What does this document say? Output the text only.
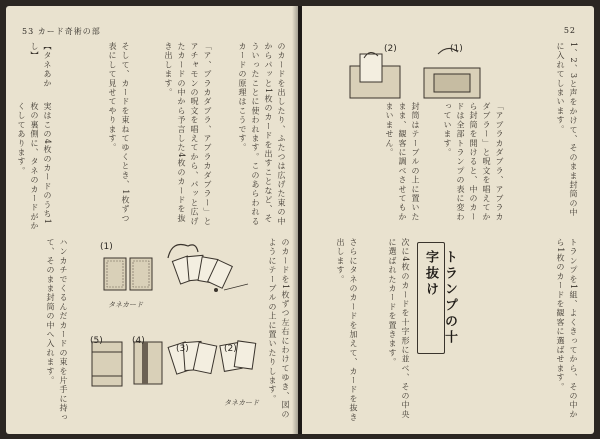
53 カード奇術の部
のカードを出したり、ふたつは広げた束の中からパッと1枚のカードを出すことなど、そういったことに使われます。このあらわれるカードの原理はこうです。
「ア、ブラカダブラ、アブラカダブラー」とアチャモンの呪文を唱えてから、パッと広げたカードの中から予言した4枚のカードを抜き出します。
そして、カードを束ねてゆくとき、1枚ずつ表にして見せてやります。
【タネあかし】
実はこの4枚のカードのうち1枚の裏側に、タネのカードがかくしてあります。
(1)
(2)
(3)
(4)
(5)
タネカード
タネカード	のカードを1枚ずつ左右にわけてゆき、図のようにテーブルの上に置いたりします。
ハンカチでくるんだカードの束を片手に持って、そのまま封筒の中へ入れます。
52
1、2、3と声をかけて、そのまま封筒の中に入れてしまいます。
「アブラカダブラ、アブラカダブラー」と呪文を唱えてから封筒を開けると、中のカードは全部トランプの表に変わっています。
封筒はテーブルの上に置いたまま、観客に調べさせてもかまいません。
(2)	(1)
トランプの十字抜け	トランプを1組、よくきってから、その中から1枚のカードを観客に選ばせます。
次に4枚のカードを十字形に並べ、その中央に選ばれたカードを置きます。
さらにタネのカードを加えて、カードを抜き出します。
